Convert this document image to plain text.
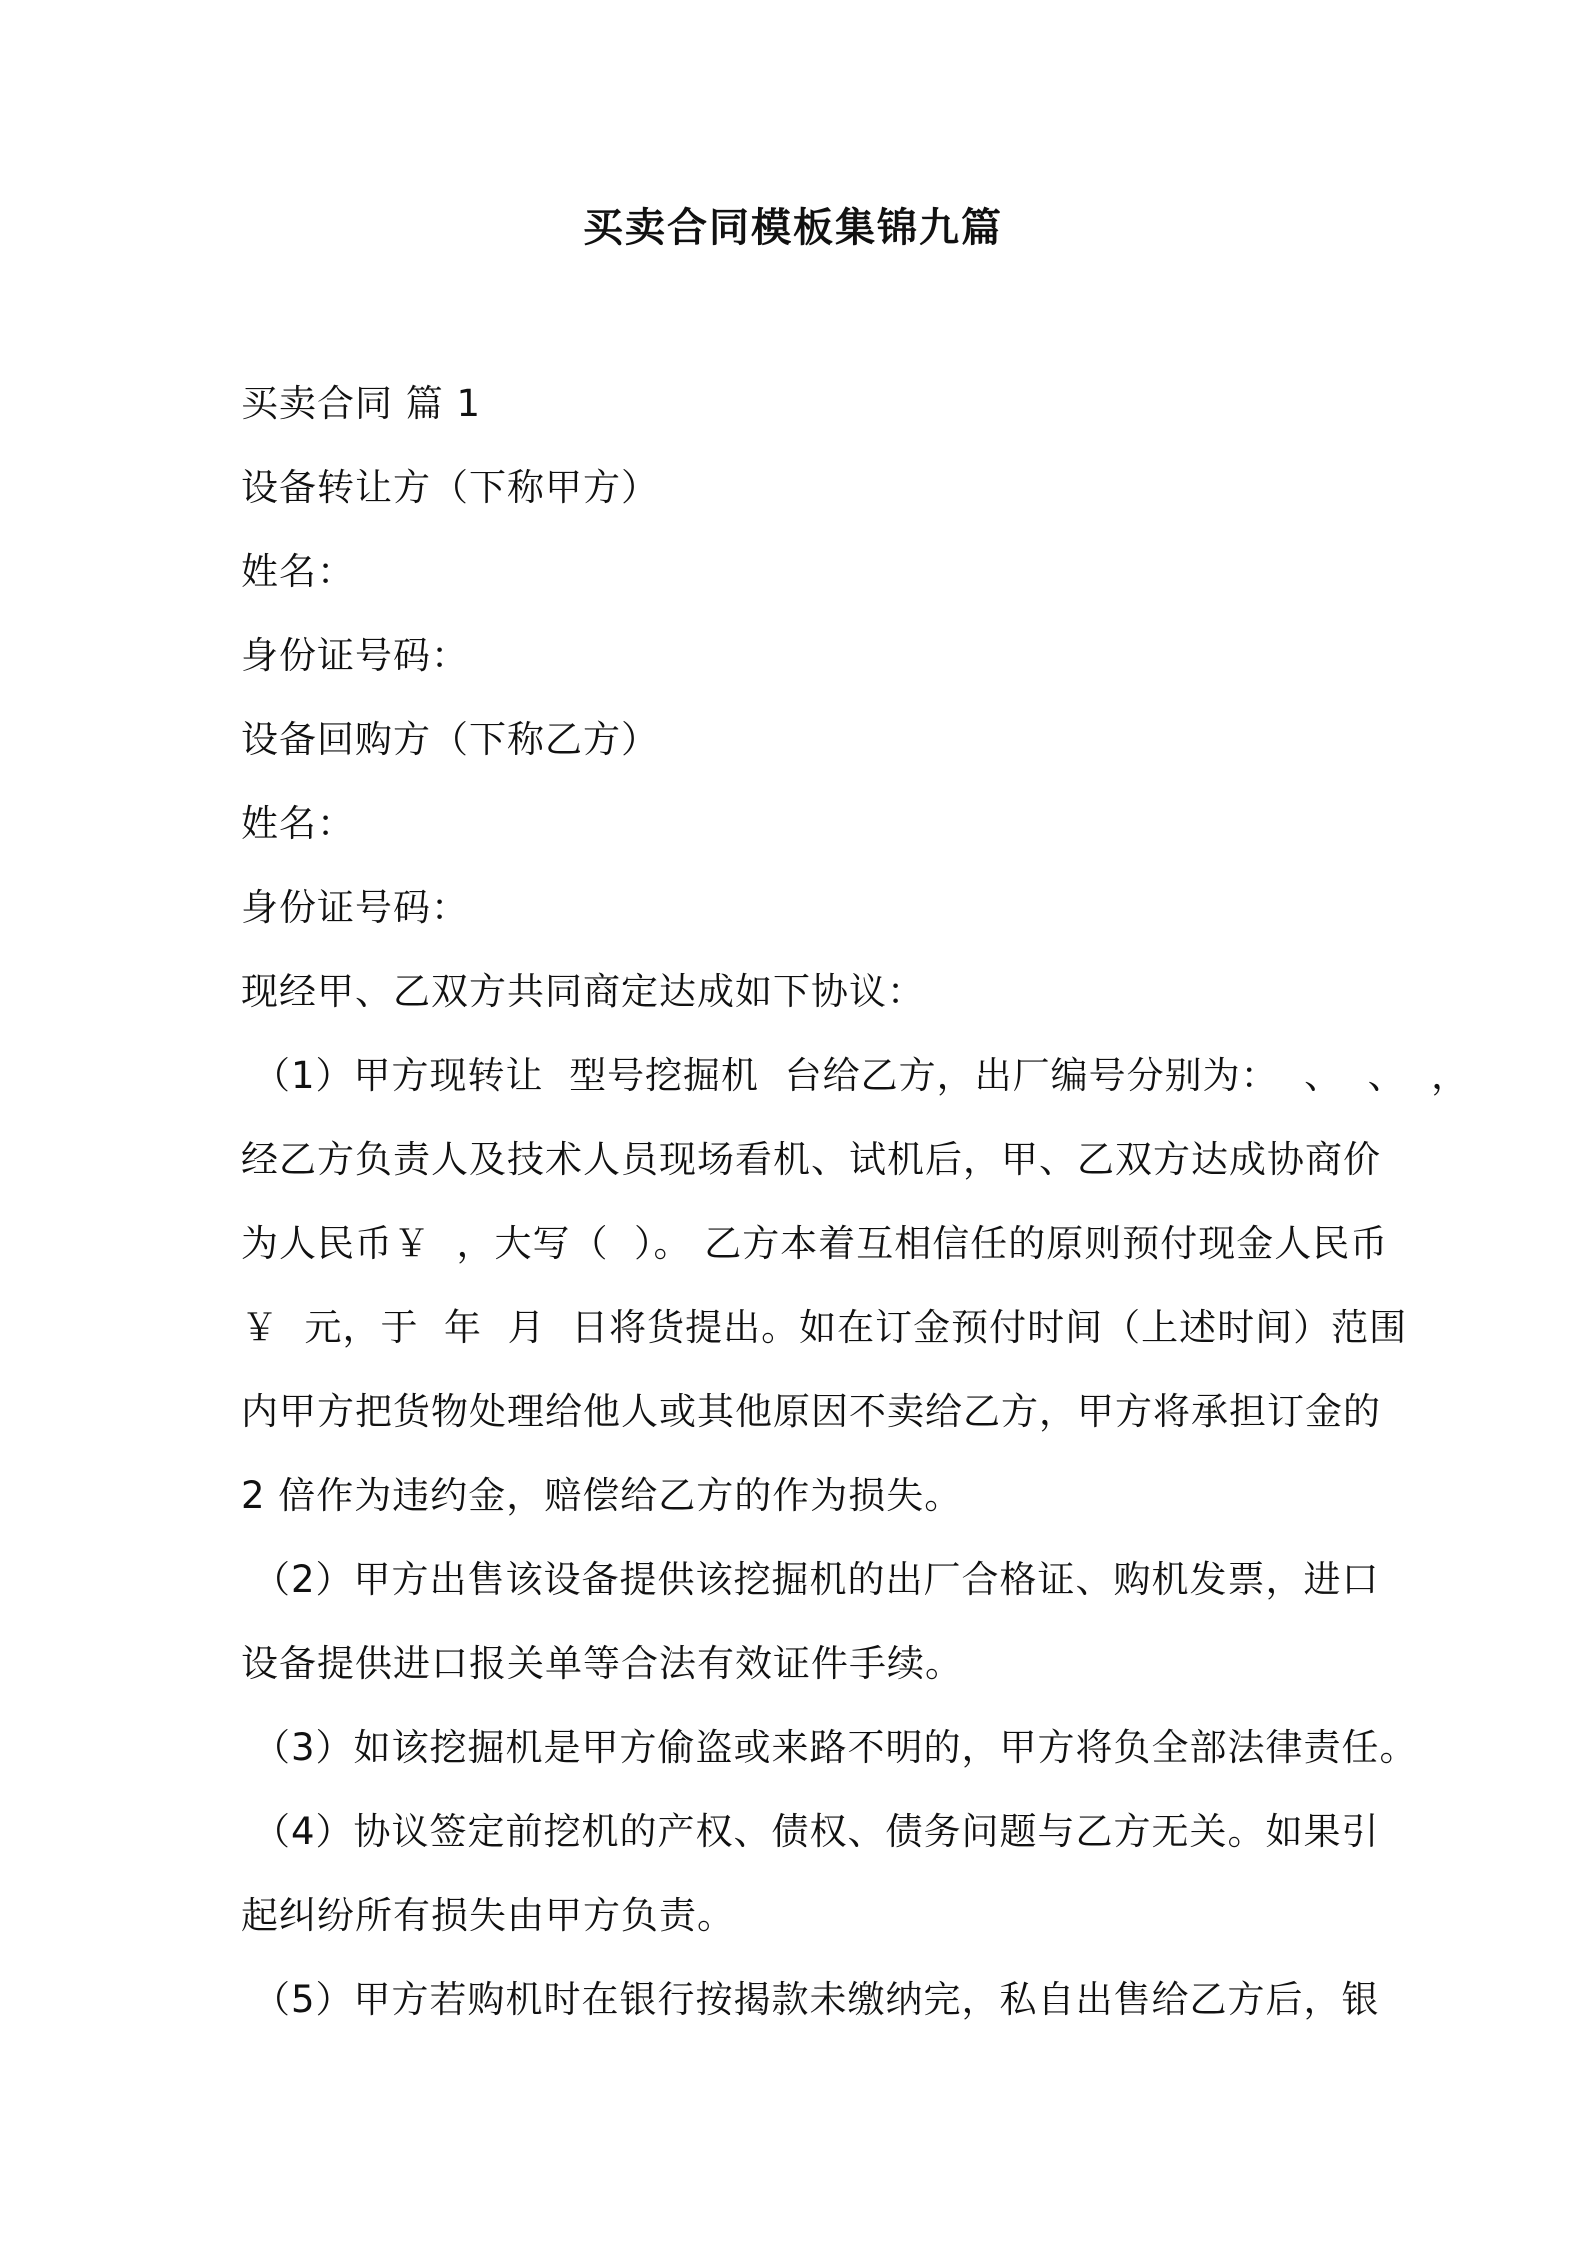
买卖合同模板集锦九篇
买卖合同 篇 1
设备转让方（下称甲方）
姓名：
身份证号码：
设备回购方（下称乙方）
姓名：
身份证号码：
现经甲、乙双方共同商定达成如下协议：
（1）甲方现转让  型号挖掘机  台给乙方，出厂编号分别为：  、  、  ，
经乙方负责人及技术人员现场看机、试机后，甲、乙双方达成协商价
为人民币￥  ，大写（  ）。 乙方本着互相信任的原则预付现金人民币
￥  元，于  年  月  日将货提出。如在订金预付时间（上述时间）范围
内甲方把货物处理给他人或其他原因不卖给乙方，甲方将承担订金的
2 倍作为违约金，赔偿给乙方的作为损失。
（2）甲方出售该设备提供该挖掘机的出厂合格证、购机发票，进口
设备提供进口报关单等合法有效证件手续。
（3）如该挖掘机是甲方偷盗或来路不明的，甲方将负全部法律责任。
（4）协议签定前挖机的产权、债权、债务问题与乙方无关。如果引
起纠纷所有损失由甲方负责。
（5）甲方若购机时在银行按揭款未缴纳完，私自出售给乙方后，银
